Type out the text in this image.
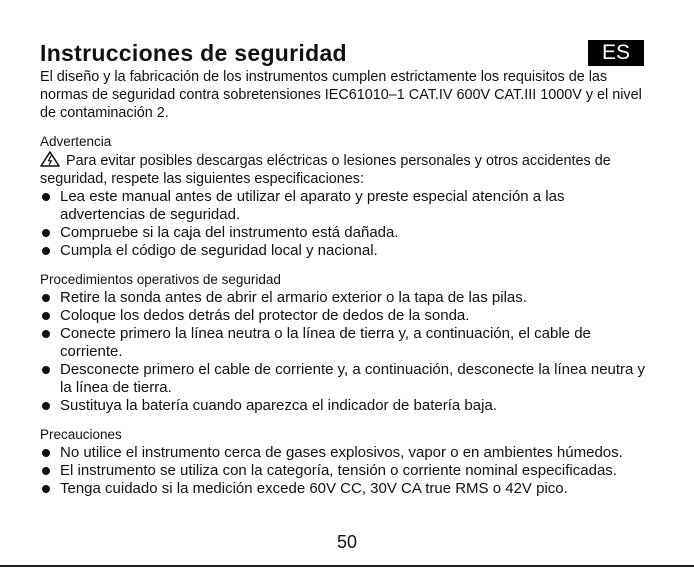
Instrucciones de seguridad	ES

El diseño y la fabricación de los instrumentos cumplen estrictamente los requisitos de las normas de seguridad contra sobretensiones IEC61010–1 CAT.IV 600V CAT.III 1000V y el nivel de contaminación 2.

Advertencia

Para evitar posibles descargas eléctricas o lesiones personales y otros accidentes de seguridad, respete las siguientes especificaciones:

Lea este manual antes de utilizar el aparato y preste especial atención a las advertencias de seguridad.
Compruebe si la caja del instrumento está dañada.
Cumpla el código de seguridad local y nacional.
Procedimientos operativos de seguridad
Retire la sonda antes de abrir el armario exterior o la tapa de las pilas.
Coloque los dedos detrás del protector de dedos de la sonda.
Conecte primero la línea neutra o la línea de tierra y, a continuación, el cable de corriente.
Desconecte primero el cable de corriente y, a continuación, desconecte la línea neutra y la línea de tierra.
Sustituya la batería cuando aparezca el indicador de batería baja.
Precauciones
No utilice el instrumento cerca de gases explosivos, vapor o en ambientes húmedos.
El instrumento se utiliza con la categoría, tensión o corriente nominal especificadas.
Tenga cuidado si la medición excede 60V CC, 30V CA true RMS o 42V pico.
50
